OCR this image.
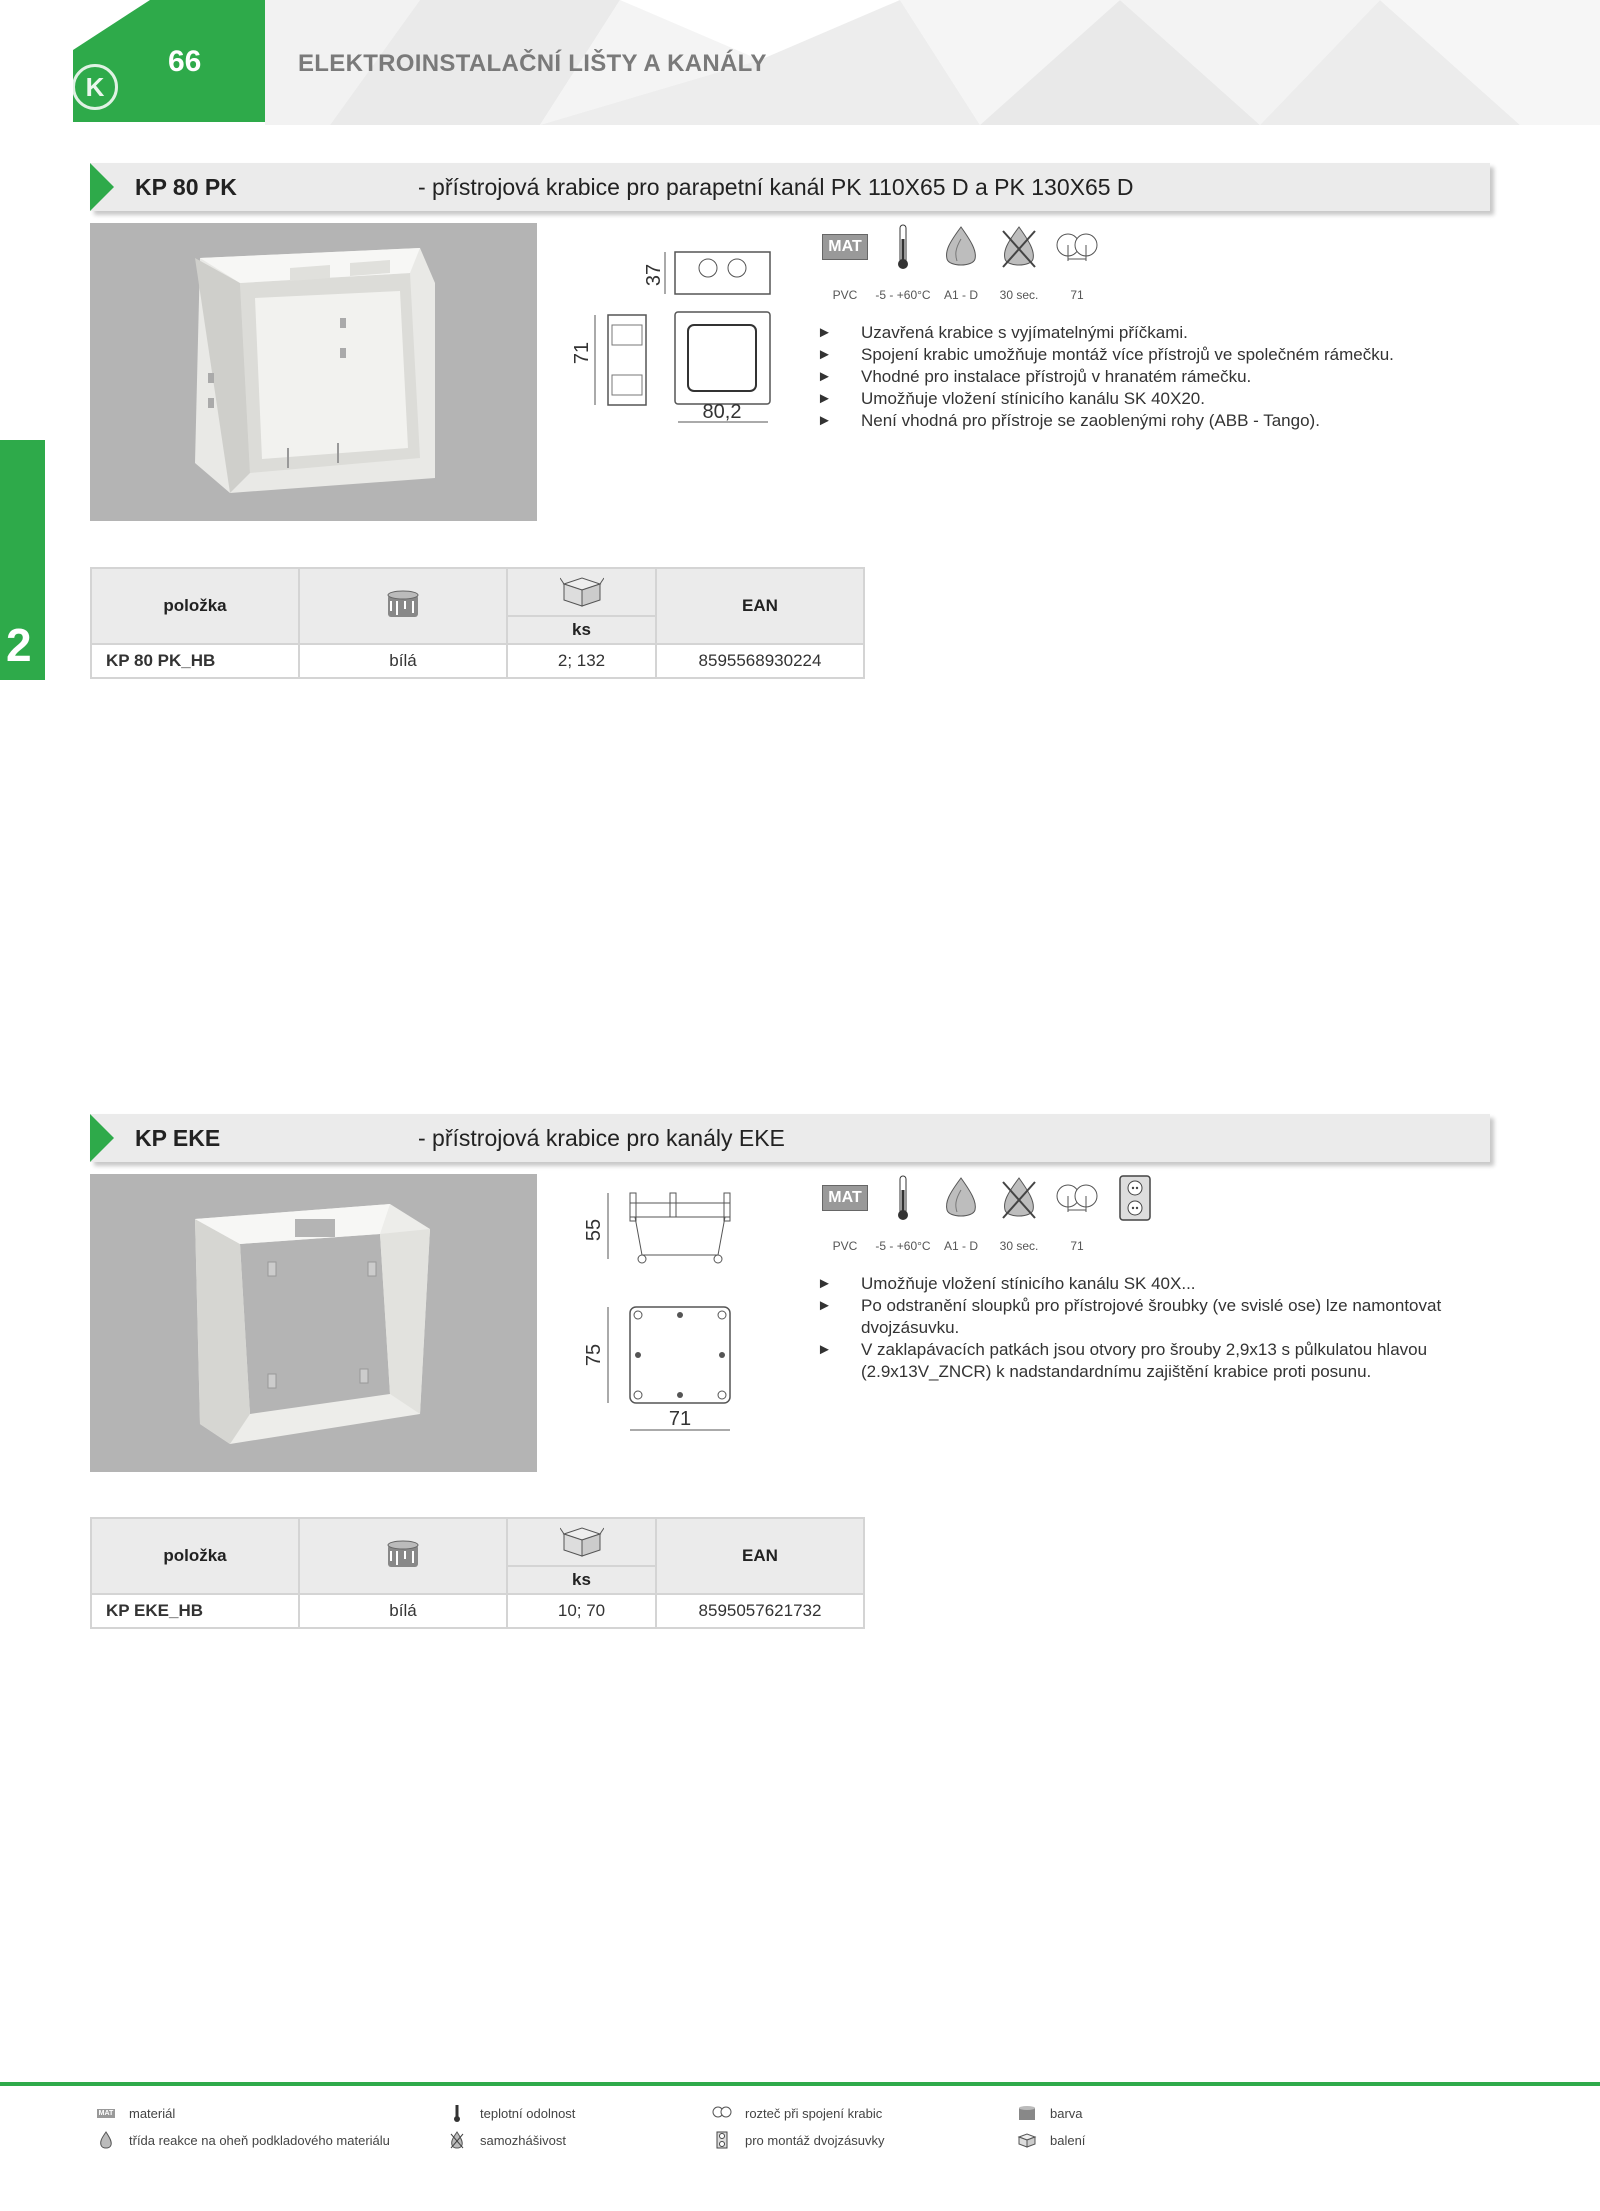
66
K
ELEKTROINSTALAČNÍ LIŠTY A KANÁLY
2
KP 80 PK	- přístrojová krabice pro parapetní kanál PK 110X65 D a PK 130X65 D
37
71
80,2
MAT
PVC	-5 - +60°C	A1 - D	30 sec.	71
► Uzavřená krabice s vyjímatelnými příčkami.
► Spojení krabic umožňuje montáž více přístrojů ve společném rámečku.
► Vhodné pro instalace přístrojů v hranatém rámečku.
► Umožňuje vložení stínicího kanálu SK 40X20.
► Není vhodná pro přístroje se zaoblenými rohy (ABB - Tango).
položka			EAN
		ks	
KP 80 PK_HB	bílá	2; 132	8595568930224
KP EKE	- přístrojová krabice pro kanály EKE
55
75
71
MAT
PVC	-5 - +60°C	A1 - D	30 sec.	71
► Umožňuje vložení stínicího kanálu SK 40X...
► Po odstranění sloupků pro přístrojové šroubky (ve svislé ose) lze namontovat dvojzásuvku.
► V zaklapávacích patkách jsou otvory pro šrouby 2,9x13 s půlkulatou hlavou (2.9x13V_ZNCR) k nadstandardnímu zajištění krabice proti posunu.
položka			EAN
		ks	
KP EKE_HB	bílá	10; 70	8595057621732
MAT materiál
třída reakce na oheň podkladového materiálu
teplotní odolnost
samozhášivost
rozteč při spojení krabic
pro montáž dvojzásuvky
barva
balení
